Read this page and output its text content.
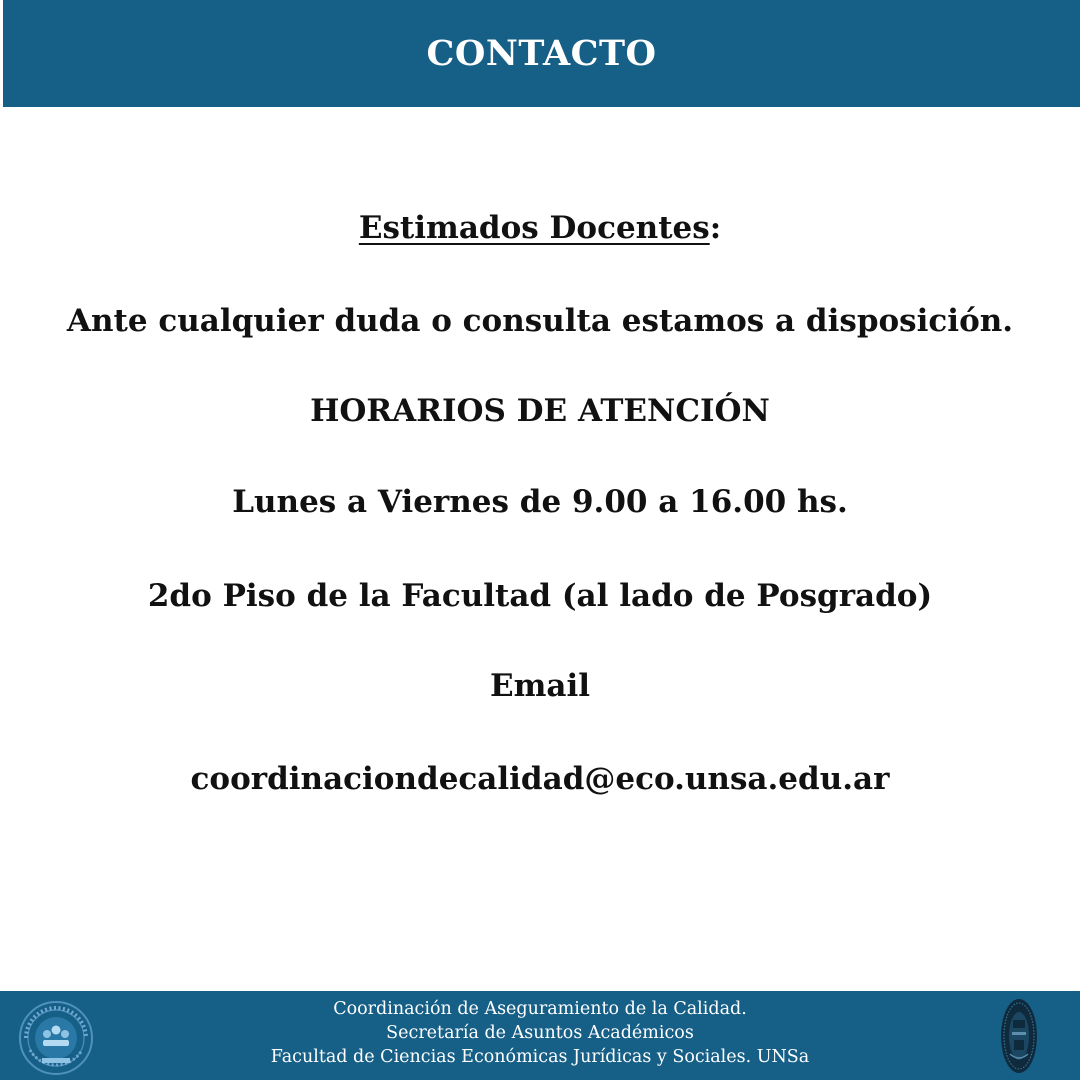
CONTACTO
Estimados Docentes:
Ante cualquier duda o consulta estamos a disposición.
HORARIOS DE ATENCIÓN
Lunes a Viernes de 9.00 a 16.00 hs.
2do Piso de la Facultad (al lado de Posgrado)
Email
coordinaciondecalidad@eco.unsa.edu.ar
Coordinación de Aseguramiento de la Calidad.
Secretaría de Asuntos Académicos
Facultad de Ciencias Económicas Jurídicas y Sociales. UNSa
